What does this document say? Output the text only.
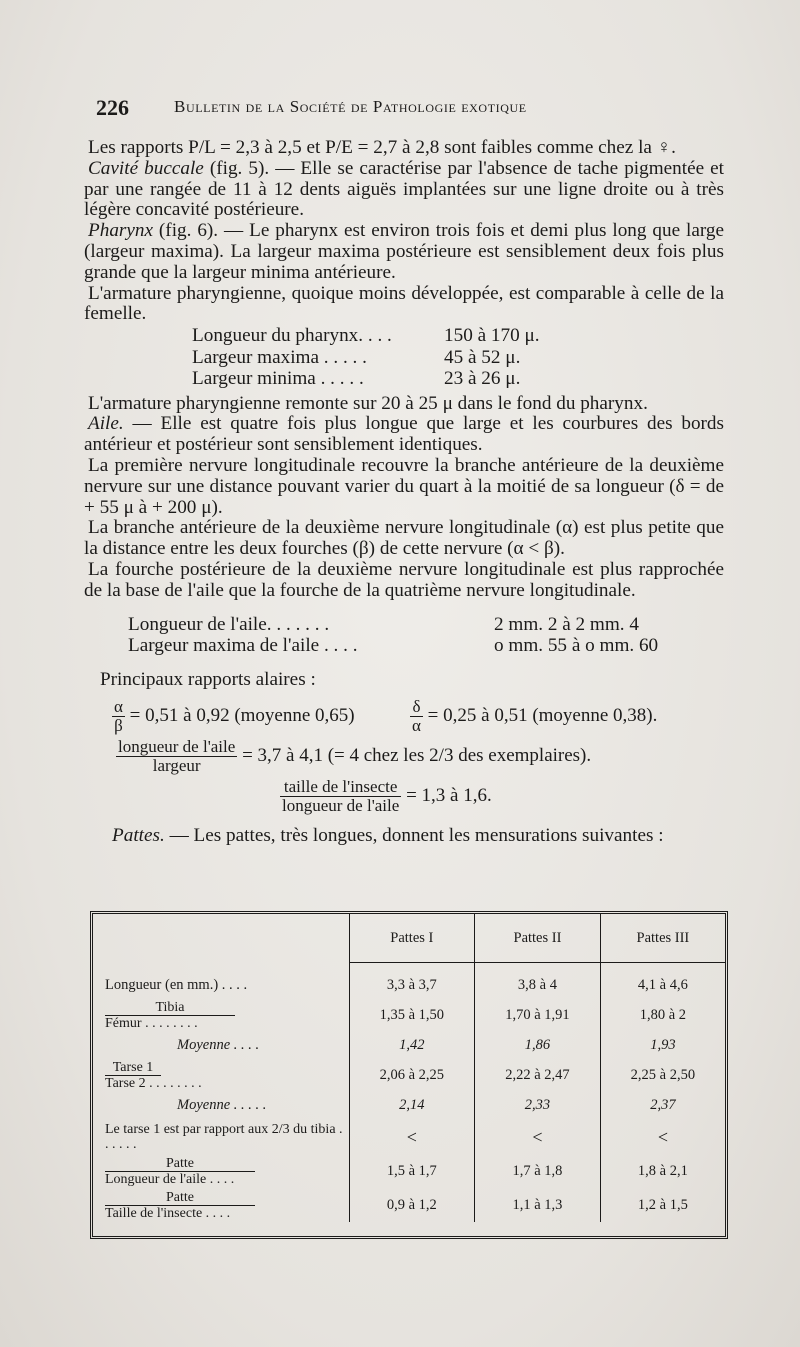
226	Bulletin de la Société de Pathologie exotique

Les rapports P/L = 2,3 à 2,5 et P/E = 2,7 à 2,8 sont faibles comme chez la ♀.

Cavité buccale (fig. 5). — Elle se caractérise par l'absence de tache pigmentée et par une rangée de 11 à 12 dents aiguës implantées sur une ligne droite ou à très légère concavité postérieure.

Pharynx (fig. 6). — Le pharynx est environ trois fois et demi plus long que large (largeur maxima). La largeur maxima postérieure est sensiblement deux fois plus grande que la largeur minima antérieure.

L'armature pharyngienne, quoique moins développée, est comparable à celle de la femelle.

Longueur du pharynx. . . .	150 à 170 μ.
Largeur maxima . . . . .	45 à 52 μ.
Largeur minima . . . . .	23 à 26 μ.

L'armature pharyngienne remonte sur 20 à 25 μ dans le fond du pharynx.

Aile. — Elle est quatre fois plus longue que large et les courbures des bords antérieur et postérieur sont sensiblement identiques.

La première nervure longitudinale recouvre la branche antérieure de la deuxième nervure sur une distance pouvant varier du quart à la moitié de sa longueur (δ = de + 55 μ à + 200 μ).

La branche antérieure de la deuxième nervure longitudinale (α) est plus petite que la distance entre les deux fourches (β) de cette nervure (α < β).

La fourche postérieure de la deuxième nervure longitudinale est plus rapprochée de la base de l'aile que la fourche de la quatrième nervure longitudinale.

Longueur de l'aile. . . . . . .	2 mm. 2 à 2 mm. 4
Largeur maxima de l'aile . . . .	o mm. 55 à o mm. 60

Principaux rapports alaires :

$\frac{\alpha}{\beta} = 0,51$ à 0,92 (moyenne 0,65)	$\frac{\delta}{\alpha} = 0,25$ à 0,51 (moyenne 0,38).
$\frac{\text{longueur de l'aile}}{\text{largeur}} = 3,7$ à 4,1 (= 4 chez les 2/3 des exemplaires).
$\frac{\text{taille de l'insecte}}{\text{longueur de l'aile}} = 1,3$ à 1,6.

Pattes. — Les pattes, très longues, donnent les mensurations suivantes :

	Pattes I	Pattes II	Pattes III

Longueur (en mm.) . . . .	3,3 à 3,7	3,8 à 4	4,1 à 4,6

Tibia
Fémur . . . . . . . .	1,35 à 1,50	1,70 à 1,91	1,80 à 2
Moyenne . . . .	1,42	1,86	1,93

Tarse 1
Tarse 2 . . . . . . . .	2,06 à 2,25	2,22 à 2,47	2,25 à 2,50
Moyenne . . . . .	2,14	2,33	2,37
Le tarse 1 est par rapport aux 2/3 du tibia . . . . . .	<	<	<

Patte
Longueur de l'aile . . . .	1,5 à 1,7	1,7 à 1,8	1,8 à 2,1

Patte
Taille de l'insecte . . . .	0,9 à 1,2	1,1 à 1,3	1,2 à 1,5
